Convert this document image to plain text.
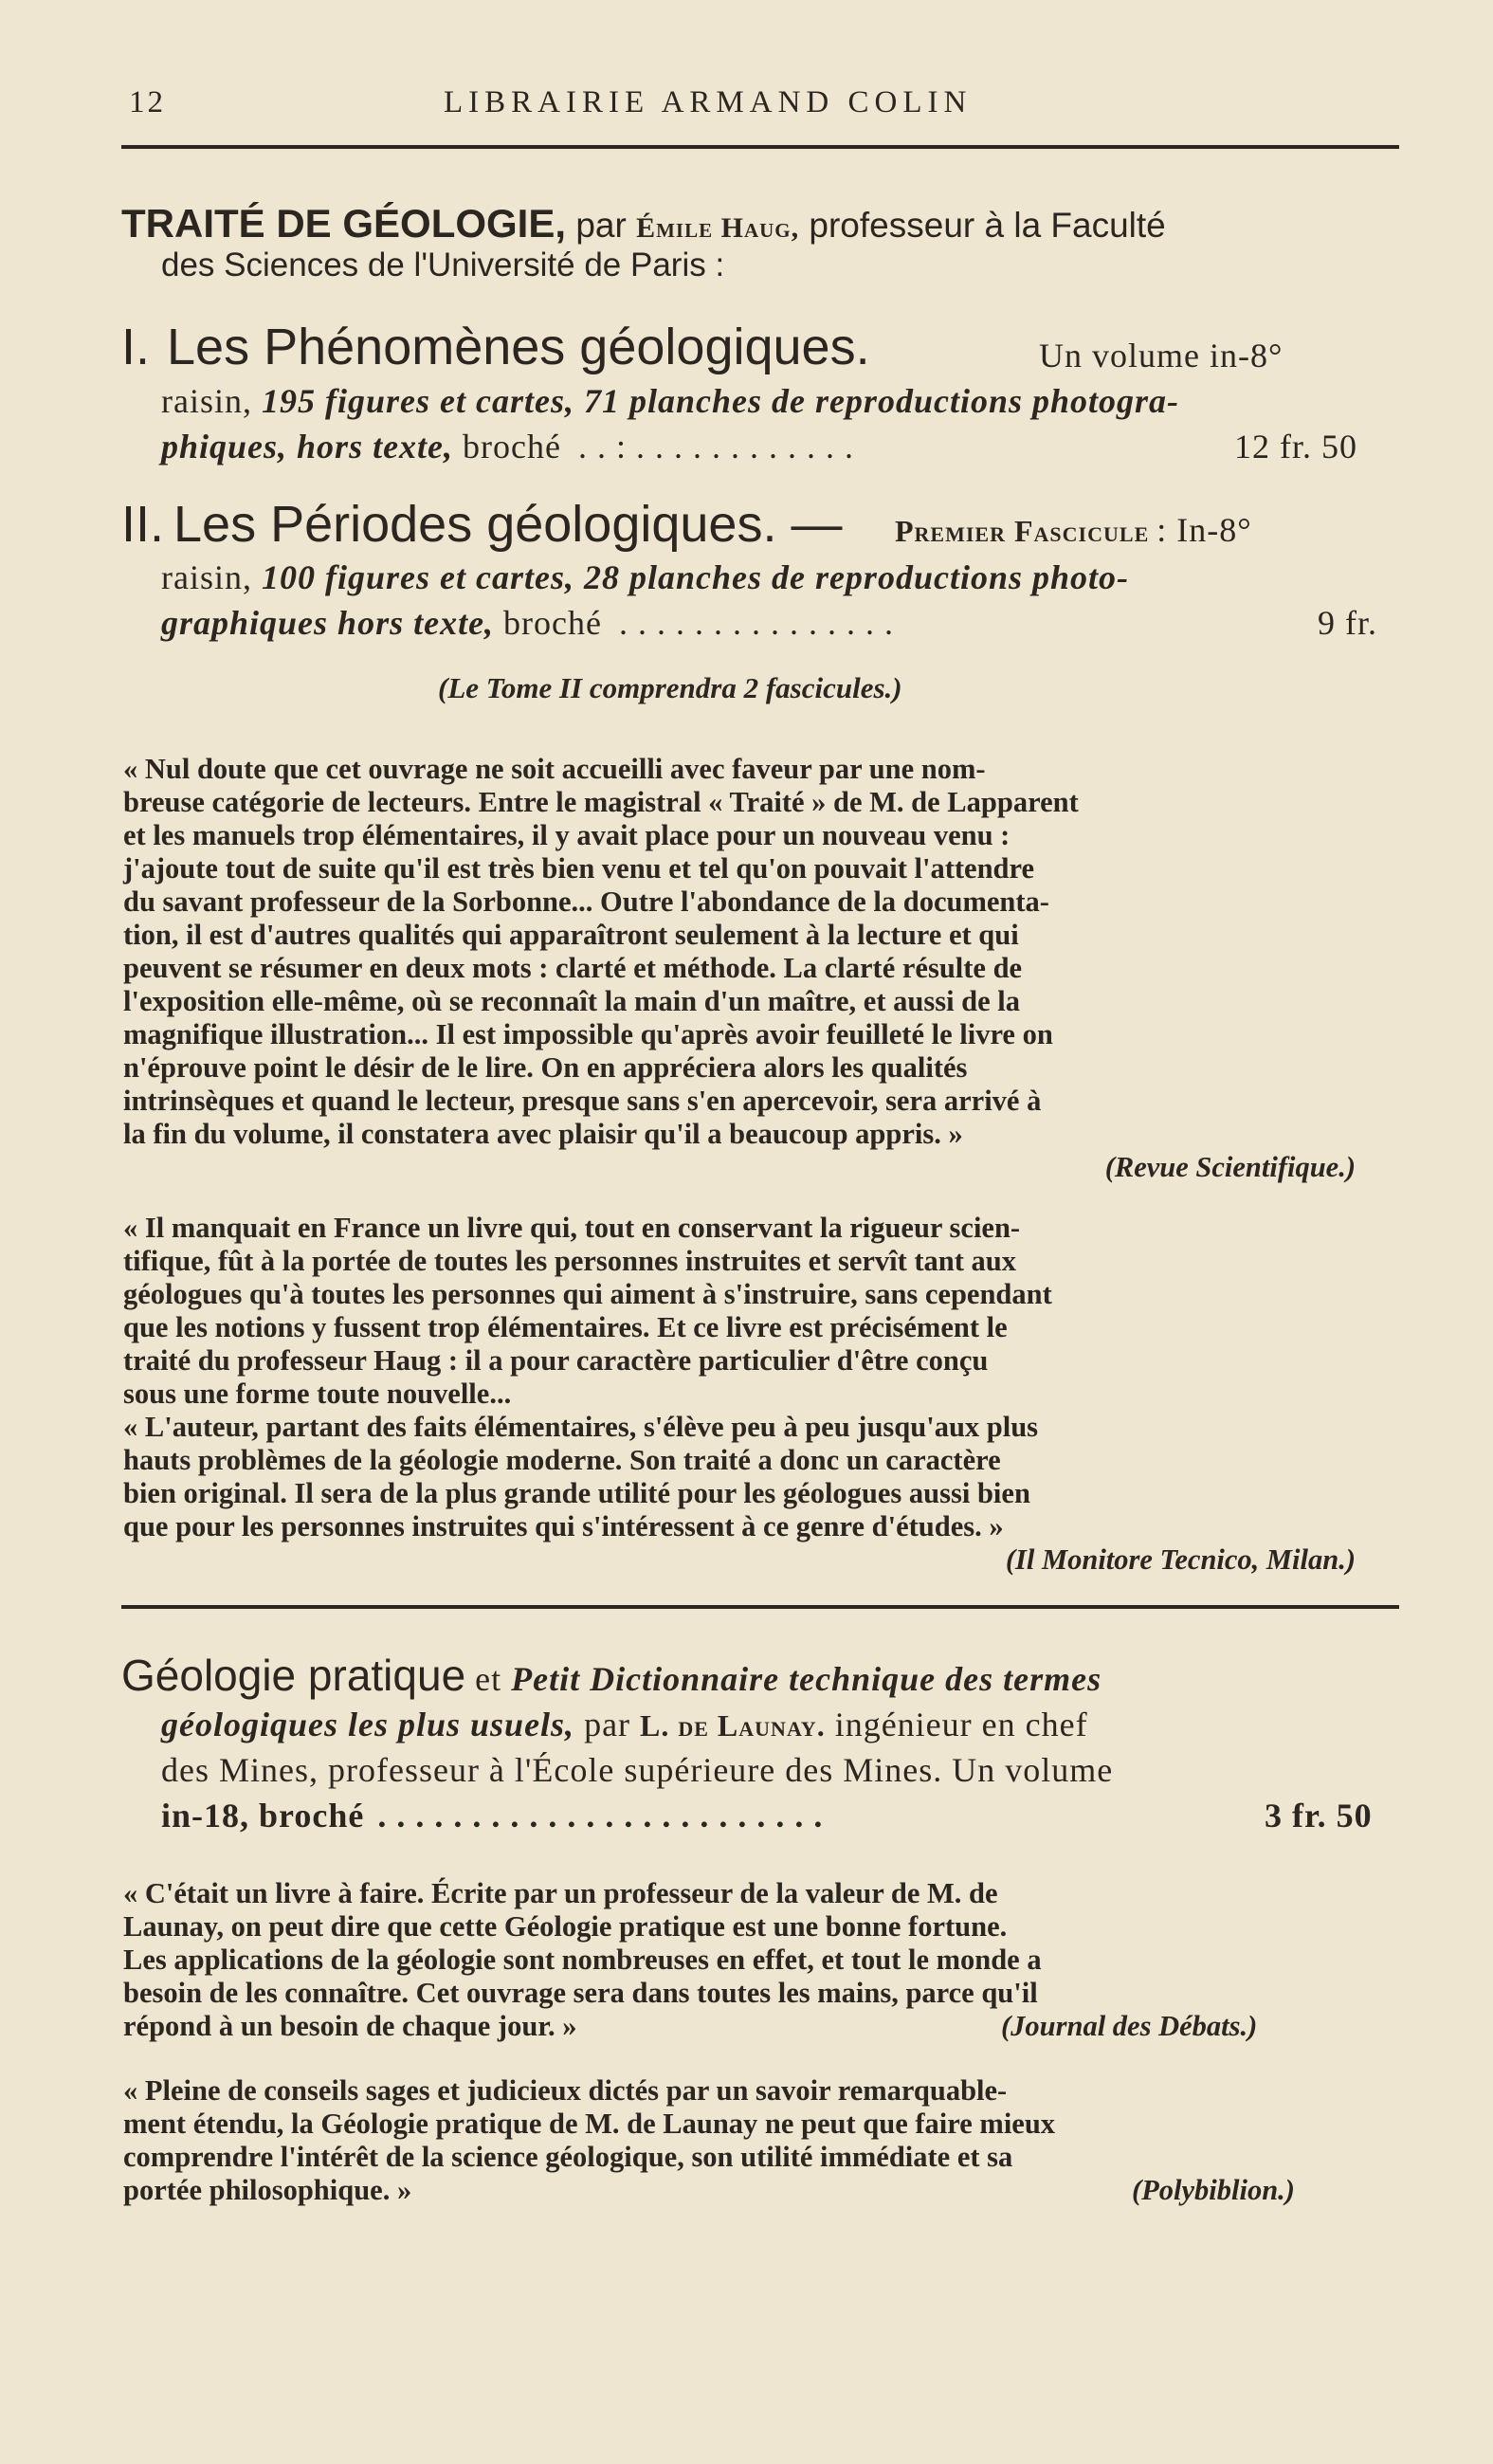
12	LIBRAIRIE ARMAND COLIN
TRAITÉ DE GÉOLOGIE, par Émile Haug, professeur à la Faculté
des Sciences de l'Université de Paris :
I. Les Phénomènes géologiques.	Un volume in-8°
raisin, 195 figures et cartes, 71 planches de reproductions photogra-
phiques, hors texte, broché . . : . . . . . . . . . . . .	12 fr. 50
II. Les Périodes géologiques. — Premier Fascicule : In-8°
raisin, 100 figures et cartes, 28 planches de reproductions photo-
graphiques hors texte, broché . . . . . . . . . . . . . . .	9 fr.
(Le Tome II comprendra 2 fascicules.)
« Nul doute que cet ouvrage ne soit accueilli avec faveur par une nom-
breuse catégorie de lecteurs. Entre le magistral « Traité » de M. de Lapparent
et les manuels trop élémentaires, il y avait place pour un nouveau venu :
j'ajoute tout de suite qu'il est très bien venu et tel qu'on pouvait l'attendre
du savant professeur de la Sorbonne... Outre l'abondance de la documenta-
tion, il est d'autres qualités qui apparaîtront seulement à la lecture et qui
peuvent se résumer en deux mots : clarté et méthode. La clarté résulte de
l'exposition elle-même, où se reconnaît la main d'un maître, et aussi de la
magnifique illustration... Il est impossible qu'après avoir feuilleté le livre on
n'éprouve point le désir de le lire. On en appréciera alors les qualités
intrinsèques et quand le lecteur, presque sans s'en apercevoir, sera arrivé à
la fin du volume, il constatera avec plaisir qu'il a beaucoup appris. »
(Revue Scientifique.)
« Il manquait en France un livre qui, tout en conservant la rigueur scien-
tifique, fût à la portée de toutes les personnes instruites et servît tant aux
géologues qu'à toutes les personnes qui aiment à s'instruire, sans cependant
que les notions y fussent trop élémentaires. Et ce livre est précisément le
traité du professeur Haug : il a pour caractère particulier d'être conçu
sous une forme toute nouvelle...
« L'auteur, partant des faits élémentaires, s'élève peu à peu jusqu'aux plus
hauts problèmes de la géologie moderne. Son traité a donc un caractère
bien original. Il sera de la plus grande utilité pour les géologues aussi bien
que pour les personnes instruites qui s'intéressent à ce genre d'études. »
(Il Monitore Tecnico, Milan.)
Géologie pratique et Petit Dictionnaire technique des termes
géologiques les plus usuels, par L. de Launay. ingénieur en chef
des Mines, professeur à l'École supérieure des Mines. Un volume
in-18, broché . . . . . . . . . . . . . . . . . . . . . . . .	3 fr. 50
« C'était un livre à faire. Écrite par un professeur de la valeur de M. de
Launay, on peut dire que cette Géologie pratique est une bonne fortune.
Les applications de la géologie sont nombreuses en effet, et tout le monde a
besoin de les connaître. Cet ouvrage sera dans toutes les mains, parce qu'il
répond à un besoin de chaque jour. »	(Journal des Débats.)
« Pleine de conseils sages et judicieux dictés par un savoir remarquable-
ment étendu, la Géologie pratique de M. de Launay ne peut que faire mieux
comprendre l'intérêt de la science géologique, son utilité immédiate et sa
portée philosophique. »	(Polybiblion.)
